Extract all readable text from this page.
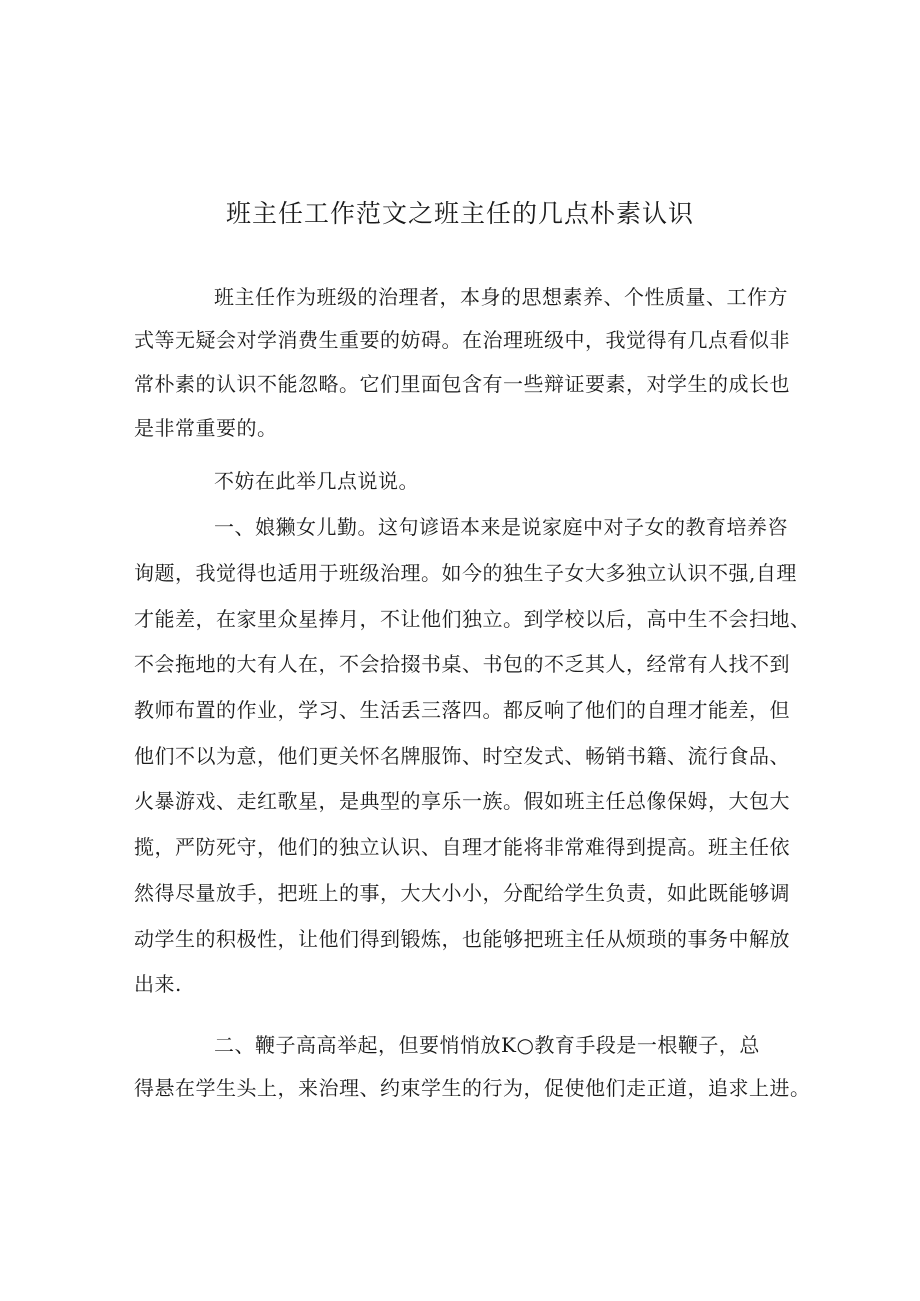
班主任工作范文之班主任的几点朴素认识
班主任作为班级的治理者，本身的思想素养、个性质量、工作方
式等无疑会对学消费生重要的妨碍。在治理班级中，我觉得有几点看似非
常朴素的认识不能忽略。它们里面包含有一些辩证要素，对学生的成长也
是非常重要的。
不妨在此举几点说说。
一、娘獭女儿勤。这句谚语本来是说家庭中对子女的教育培养咨
询题，我觉得也适用于班级治理。如今的独生子女大多独立认识不强,自理
才能差，在家里众星捧月，不让他们独立。到学校以后，高中生不会扫地、
不会拖地的大有人在，不会拾掇书桌、书包的不乏其人，经常有人找不到
教师布置的作业，学习、生活丢三落四。都反响了他们的自理才能差，但
他们不以为意，他们更关怀名牌服饰、时空发式、畅销书籍、流行食品、
火暴游戏、走红歌星，是典型的享乐一族。假如班主任总像保姆，大包大
揽，严防死守，他们的独立认识、自理才能将非常难得到提高。班主任依
然得尽量放手，把班上的事，大大小小，分配给学生负责，如此既能够调
动学生的积极性，让他们得到锻炼，也能够把班主任从烦琐的事务中解放
出来.
二、鞭子高高举起，但要悄悄放K○教育手段是一根鞭子，总
得悬在学生头上，来治理、约束学生的行为，促使他们走正道，追求上进。
